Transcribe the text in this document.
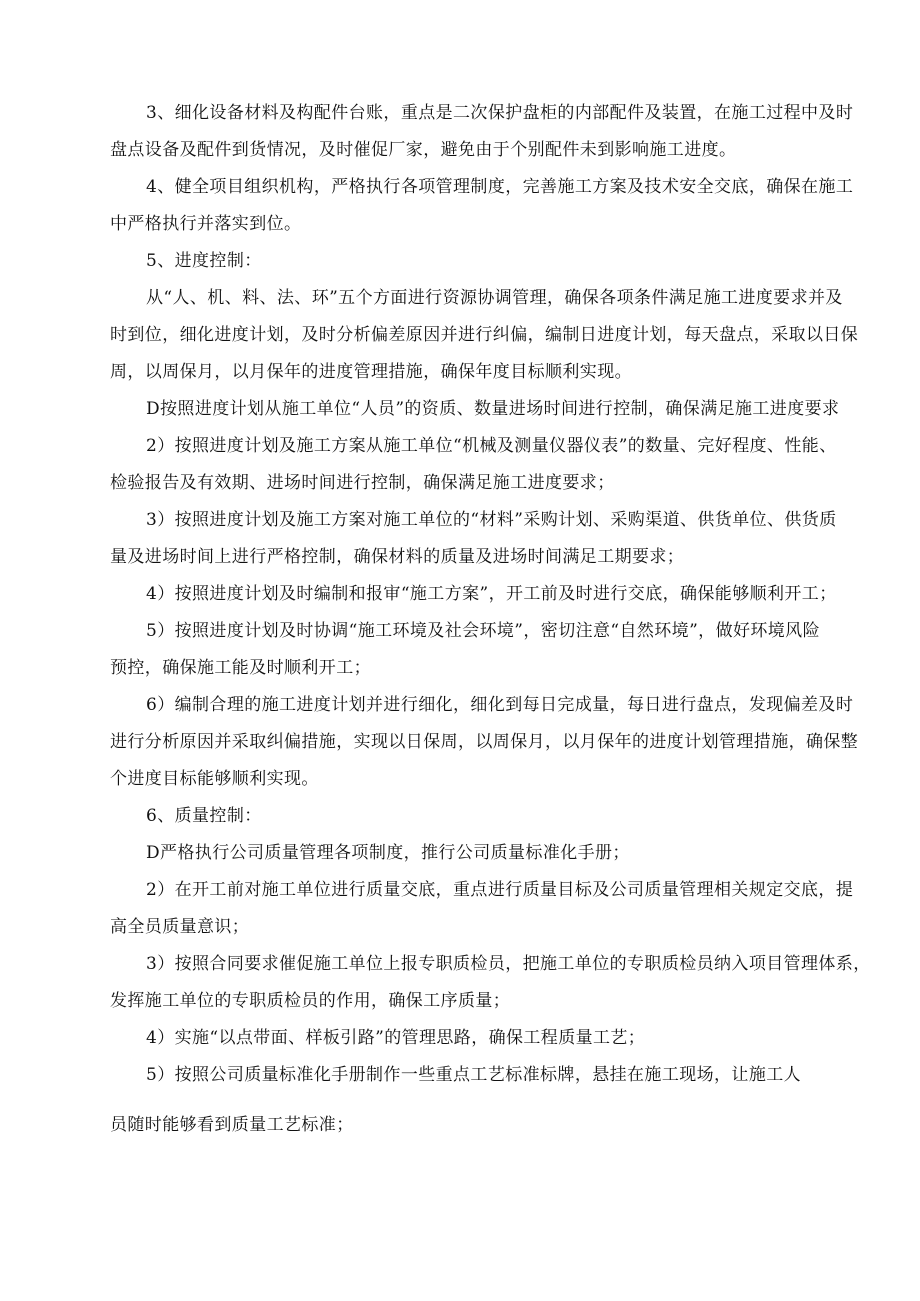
3、细化设备材料及构配件台账，重点是二次保护盘柜的内部配件及装置，在施工过程中及时

盘点设备及配件到货情况，及时催促厂家，避免由于个别配件未到影响施工进度。

4、健全项目组织机构，严格执行各项管理制度，完善施工方案及技术安全交底，确保在施工

中严格执行并落实到位。

5、进度控制：

从“人、机、料、法、环”五个方面进行资源协调管理，确保各项条件满足施工进度要求并及

时到位，细化进度计划，及时分析偏差原因并进行纠偏，编制日进度计划，每天盘点，采取以日保

周，以周保月，以月保年的进度管理措施，确保年度目标顺利实现。

D按照进度计划从施工单位“人员”的资质、数量进场时间进行控制，确保满足施工进度要求

2）按照进度计划及施工方案从施工单位“机械及测量仪器仪表”的数量、完好程度、性能、

检验报告及有效期、进场时间进行控制，确保满足施工进度要求；

3）按照进度计划及施工方案对施工单位的“材料”采购计划、采购渠道、供货单位、供货质

量及进场时间上进行严格控制，确保材料的质量及进场时间满足工期要求；

4）按照进度计划及时编制和报审“施工方案”，开工前及时进行交底，确保能够顺利开工；

5）按照进度计划及时协调“施工环境及社会环境”，密切注意“自然环境”，做好环境风险

预控，确保施工能及时顺利开工；

6）编制合理的施工进度计划并进行细化，细化到每日完成量，每日进行盘点，发现偏差及时

进行分析原因并采取纠偏措施，实现以日保周，以周保月，以月保年的进度计划管理措施，确保整

个进度目标能够顺利实现。

6、质量控制：

D严格执行公司质量管理各项制度，推行公司质量标准化手册；

2）在开工前对施工单位进行质量交底，重点进行质量目标及公司质量管理相关规定交底，提

高全员质量意识；

3）按照合同要求催促施工单位上报专职质检员，把施工单位的专职质检员纳入项目管理体系，

发挥施工单位的专职质检员的作用，确保工序质量；

4）实施“以点带面、样板引路”的管理思路，确保工程质量工艺；

5）按照公司质量标准化手册制作一些重点工艺标准标牌，悬挂在施工现场，让施工人

员随时能够看到质量工艺标准；
